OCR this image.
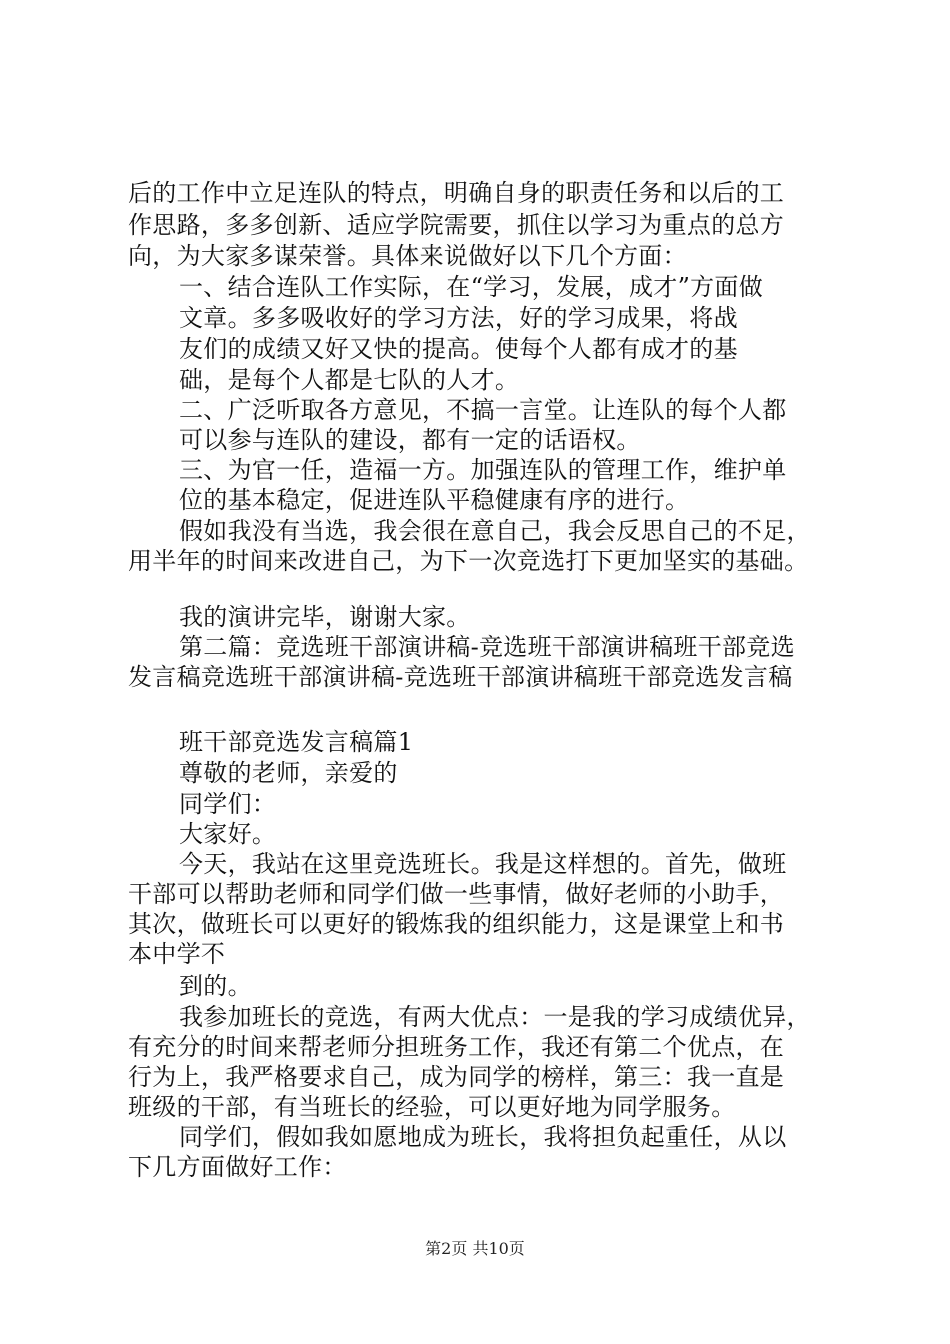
后的工作中立足连队的特点，明确自身的职责任务和以后的工
作思路，多多创新、适应学院需要，抓住以学习为重点的总方
向，为大家多谋荣誉。具体来说做好以下几个方面：
一、结合连队工作实际，在“学习，发展，成才”方面做
文章。多多吸收好的学习方法，好的学习成果，将战
友们的成绩又好又快的提高。使每个人都有成才的基
础，是每个人都是七队的人才。
二、广泛听取各方意见，不搞一言堂。让连队的每个人都
可以参与连队的建设，都有一定的话语权。
三、为官一任，造福一方。加强连队的管理工作，维护单
位的基本稳定，促进连队平稳健康有序的进行。
假如我没有当选，我会很在意自己，我会反思自己的不足，
用半年的时间来改进自己，为下一次竞选打下更加坚实的基础。
我的演讲完毕，谢谢大家。
第二篇：竞选班干部演讲稿-竞选班干部演讲稿班干部竞选
发言稿竞选班干部演讲稿-竞选班干部演讲稿班干部竞选发言稿
班干部竞选发言稿篇1
尊敬的老师，亲爱的
同学们：
大家好。
今天，我站在这里竞选班长。我是这样想的。首先，做班
干部可以帮助老师和同学们做一些事情，做好老师的小助手，
其次，做班长可以更好的锻炼我的组织能力，这是课堂上和书
本中学不
到的。
我参加班长的竞选，有两大优点：一是我的学习成绩优异，
有充分的时间来帮老师分担班务工作，我还有第二个优点，在
行为上，我严格要求自己，成为同学的榜样，第三：我一直是
班级的干部，有当班长的经验，可以更好地为同学服务。
同学们，假如我如愿地成为班长，我将担负起重任，从以
下几方面做好工作：
第2页 共10页
